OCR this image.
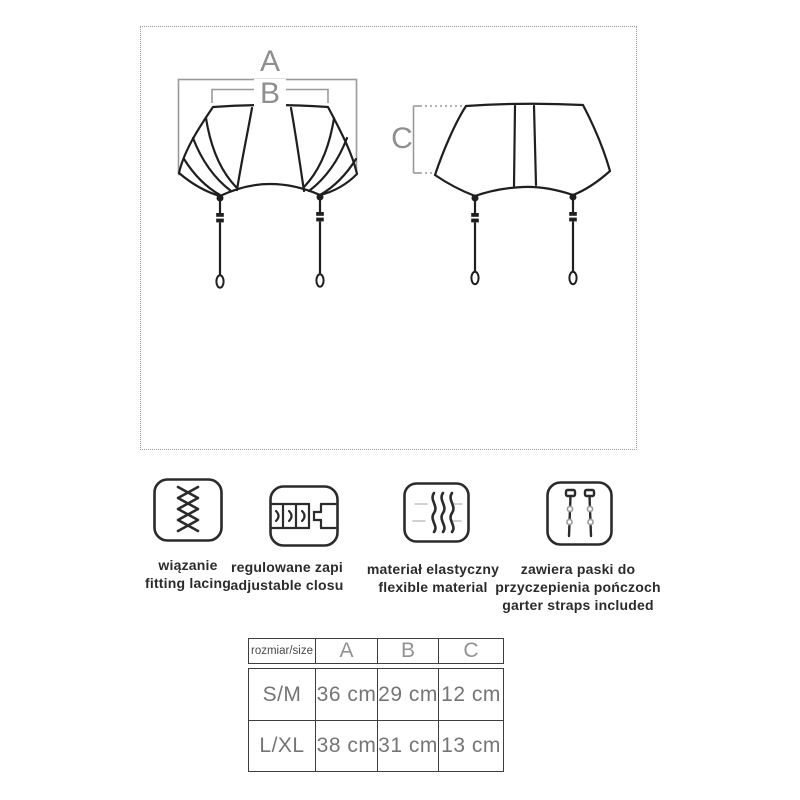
A
B
C
wiązanie
fitting lacing
regulowane zapi
adjustable closu
materiał elastyczny
flexible material
zawiera paski do
przyczepienia pończoch
garter straps included
rozmiar/size	A	B	C
S/M 36 cm 29 cm 12 cm
L/XL 38 cm 31 cm 13 cm
